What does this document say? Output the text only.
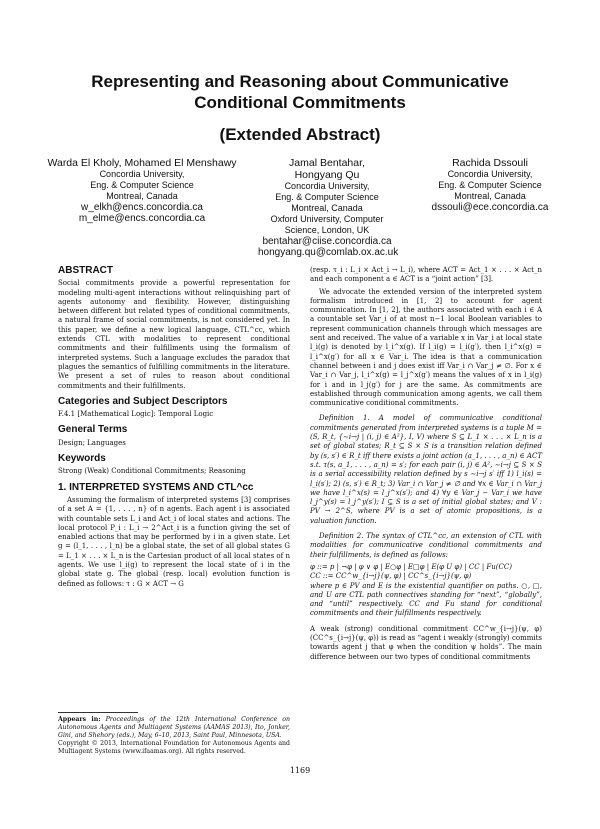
Representing and Reasoning about Communicative
Conditional Commitments
(Extended Abstract)
Warda El Kholy, Mohamed El Menshawy
Concordia University,
Eng. & Computer Science
Montreal, Canada
w_elkh@encs.concordia.ca
m_elme@encs.concordia.ca
Jamal Bentahar, Hongyang Qu
Concordia University,
Eng. & Computer Science
Montreal, Canada
Oxford University, Computer
Science, London, UK
bentahar@ciise.concordia.ca
hongyang.qu@comlab.ox.ac.uk
Rachida Dssouli
Concordia University,
Eng. & Computer Science
Montreal, Canada
dssouli@ece.concordia.ca
ABSTRACT

Social commitments provide a powerful representation for modeling multi-agent interactions without relinquishing part of agents autonomy and flexibility. However, distinguishing between different but related types of conditional commitments, a natural frame of social commitments, is not considered yet. In this paper, we define a new logical language, CTL^cc, which extends CTL with modalities to represent conditional commitments and their fulfillments using the formalism of interpreted systems. Such a language excludes the paradox that plagues the semantics of fulfilling commitments in the literature. We present a set of rules to reason about conditional commitments and their fulfillments.

Categories and Subject Descriptors

F.4.1 [Mathematical Logic]: Temporal Logic

General Terms

Design; Languages

Keywords

Strong (Weak) Conditional Commitments; Reasoning

1. INTERPRETED SYSTEMS AND CTL^cc

Assuming the formalism of interpreted systems [3] comprises of a set A = {1, . . . , n} of n agents. Each agent i is associated with countable sets L_i and Act_i of local states and actions. The local protocol P_i : L_i → 2^Act_i is a function giving the set of enabled actions that may be performed by i in a given state. Let g = (l_1, . . . , l_n) be a global state, the set of all global states G = L_1 × . . . × L_n is the Cartesian product of all local states of n agents. We use l_i(g) to represent the local state of i in the global state g. The global (resp. local) evolution function is defined as follows: τ : G × ACT → G

Appears in: Proceedings of the 12th International Conference on Autonomous Agents and Multiagent Systems (AAMAS 2013), Ito, Jonker, Gini, and Shehory (eds.), May, 6–10, 2013, Saint Paul, Minnesota, USA.

Copyright © 2013, International Foundation for Autonomous Agents and Multiagent Systems (www.ifaamas.org). All rights reserved.

(resp. τ_i : L_i × Act_i → L_i), where ACT = Act_1 × . . . × Act_n and each component a ∈ ACT is a “joint action” [3].

We advocate the extended version of the interpreted system formalism introduced in [1, 2] to account for agent communication. In [1, 2], the authors associated with each i ∈ A a countable set Var_i of at most n−1 local Boolean variables to represent communication channels through which messages are sent and received. The value of a variable x in Var_i at local state l_i(g) is denoted by l_i^x(g). If l_i(g) = l_i(g′), then l_i^x(g) = l_i^x(g′) for all x ∈ Var_i. The idea is that a communication channel between i and j does exist iff Var_i ∩ Var_j ≠ ∅. For x ∈ Var_i ∩ Var_j, l_i^x(g) = l_j^x(g′) means the values of x in l_i(g) for i and in l_j(g′) for j are the same. As commitments are established through communication among agents, we call them communicative conditional commitments.

Definition 1. A model of communicative conditional commitments generated from interpreted systems is a tuple M = (S, R_t, {∼i→j | (i, j) ∈ A²}, I, V) where S ⊆ L_1 × . . . × L_n is a set of global states; R_t ⊆ S × S is a transition relation defined by (s, s′) ∈ R_t iff there exists a joint action (a_1, . . . , a_n) ∈ ACT s.t. τ(s, a_1, . . . , a_n) = s′; for each pair (i, j) ∈ A², ∼i→j ⊆ S × S is a serial accessibility relation defined by s ∼i→j s′ iff 1) l_i(s) = l_i(s′); 2) (s, s′) ∈ R_t; 3) Var_i ∩ Var_j ≠ ∅ and ∀x ∈ Var_i ∩ Var_j we have l_i^x(s) = l_j^x(s′); and 4) ∀y ∈ Var_j − Var_i we have l_j^y(s) = l_j^y(s′); I ⊆ S is a set of initial global states; and V : PV → 2^S, where PV is a set of atomic propositions, is a valuation function.

Definition 2. The syntax of CTL^cc, an extension of CTL with modalities for communicative conditional commitments and their fulfillments, is defined as follows:

φ ::= p | ¬φ | φ ∨ φ | E○φ | E□φ | E(φ U φ) | CC | Fu(CC)

CC ::= CC^w_{i→j}(ψ, φ) | CC^s_{i→j}(ψ, φ)

where p ∈ PV and E is the existential quantifier on paths. ○, □, and U are CTL path connectives standing for “next”, “globally”, and “until” respectively. CC and Fu stand for conditional commitments and their fulfillments respectively.

A weak (strong) conditional commitment CC^w_{i→j}(ψ, φ) (CC^s_{i→j}(ψ, φ)) is read as “agent i weakly (strongly) commits towards agent j that φ when the condition ψ holds”. The main difference between our two types of conditional commitments

1169
